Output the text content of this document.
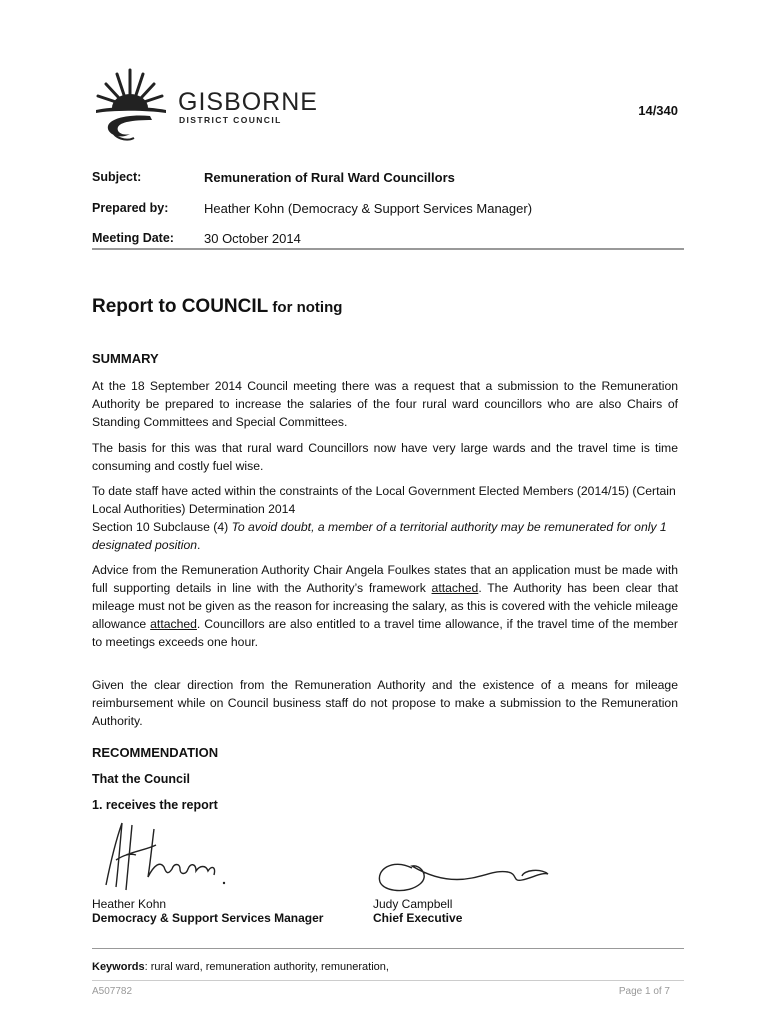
GISBORNE
DISTRICT COUNCIL
14/340
Subject:	Remuneration of Rural Ward Councillors
Prepared by:	Heather Kohn (Democracy & Support Services Manager)
Meeting Date: 30 October 2014
Report to COUNCIL for noting
SUMMARY
At the 18 September 2014 Council meeting there was a request that a submission to the Remuneration Authority be prepared to increase the salaries of the four rural ward councillors who are also Chairs of Standing Committees and Special Committees.
The basis for this was that rural ward Councillors now have very large wards and the travel time is time consuming and costly fuel wise.
To date staff have acted within the constraints of the Local Government Elected Members (2014/15) (Certain Local Authorities) Determination 2014
Section 10 Subclause (4) To avoid doubt, a member of a territorial authority may be remunerated for only 1 designated position.
Advice from the Remuneration Authority Chair Angela Foulkes states that an application must be made with full supporting details in line with the Authority’s framework attached. The Authority has been clear that mileage must not be given as the reason for increasing the salary, as this is covered with the vehicle mileage allowance attached. Councillors are also entitled to a travel time allowance, if the travel time of the member to meetings exceeds one hour.
Given the clear direction from the Remuneration Authority and the existence of a means for mileage reimbursement while on Council business staff do not propose to make a submission to the Remuneration Authority.
RECOMMENDATION
That the Council
1. receives the report
Heather Kohn
Democracy & Support Services Manager
Judy Campbell
Chief Executive
Keywords: rural ward, remuneration authority, remuneration,
A507782	Page 1 of 7
